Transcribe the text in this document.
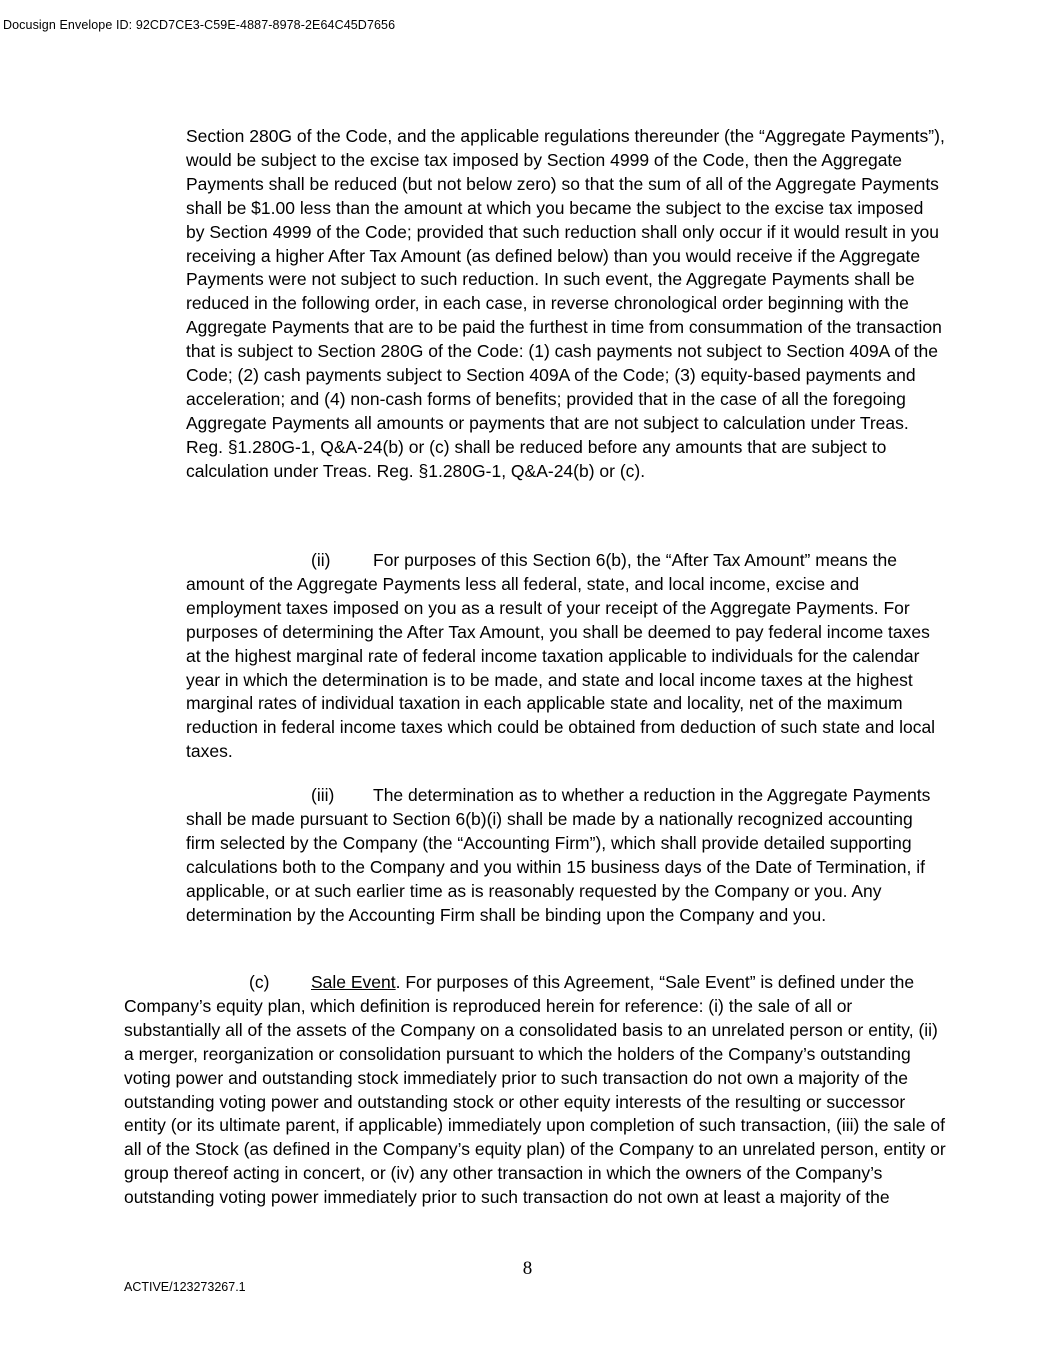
Docusign Envelope ID: 92CD7CE3-C59E-4887-8978-2E64C45D7656
Section 280G of the Code, and the applicable regulations thereunder (the “Aggregate Payments”), would be subject to the excise tax imposed by Section 4999 of the Code, then the Aggregate Payments shall be reduced (but not below zero) so that the sum of all of the Aggregate Payments shall be $1.00 less than the amount at which you became the subject to the excise tax imposed by Section 4999 of the Code; provided that such reduction shall only occur if it would result in you receiving a higher After Tax Amount (as defined below) than you would receive if the Aggregate Payments were not subject to such reduction. In such event, the Aggregate Payments shall be reduced in the following order, in each case, in reverse chronological order beginning with the Aggregate Payments that are to be paid the furthest in time from consummation of the transaction that is subject to Section 280G of the Code: (1) cash payments not subject to Section 409A of the Code; (2) cash payments subject to Section 409A of the Code; (3) equity-based payments and acceleration; and (4) non-cash forms of benefits; provided that in the case of all the foregoing Aggregate Payments all amounts or payments that are not subject to calculation under Treas. Reg. §1.280G-1, Q&A-24(b) or (c) shall be reduced before any amounts that are subject to calculation under Treas. Reg. §1.280G-1, Q&A-24(b) or (c).
(ii) For purposes of this Section 6(b), the “After Tax Amount” means the amount of the Aggregate Payments less all federal, state, and local income, excise and employment taxes imposed on you as a result of your receipt of the Aggregate Payments. For purposes of determining the After Tax Amount, you shall be deemed to pay federal income taxes at the highest marginal rate of federal income taxation applicable to individuals for the calendar year in which the determination is to be made, and state and local income taxes at the highest marginal rates of individual taxation in each applicable state and locality, net of the maximum reduction in federal income taxes which could be obtained from deduction of such state and local taxes.
(iii) The determination as to whether a reduction in the Aggregate Payments shall be made pursuant to Section 6(b)(i) shall be made by a nationally recognized accounting firm selected by the Company (the “Accounting Firm”), which shall provide detailed supporting calculations both to the Company and you within 15 business days of the Date of Termination, if applicable, or at such earlier time as is reasonably requested by the Company or you. Any determination by the Accounting Firm shall be binding upon the Company and you.
(c) Sale Event. For purposes of this Agreement, “Sale Event” is defined under the Company’s equity plan, which definition is reproduced herein for reference: (i) the sale of all or substantially all of the assets of the Company on a consolidated basis to an unrelated person or entity, (ii) a merger, reorganization or consolidation pursuant to which the holders of the Company’s outstanding voting power and outstanding stock immediately prior to such transaction do not own a majority of the outstanding voting power and outstanding stock or other equity interests of the resulting or successor entity (or its ultimate parent, if applicable) immediately upon completion of such transaction, (iii) the sale of all of the Stock (as defined in the Company’s equity plan) of the Company to an unrelated person, entity or group thereof acting in concert, or (iv) any other transaction in which the owners of the Company’s outstanding voting power immediately prior to such transaction do not own at least a majority of the
8
ACTIVE/123273267.1
